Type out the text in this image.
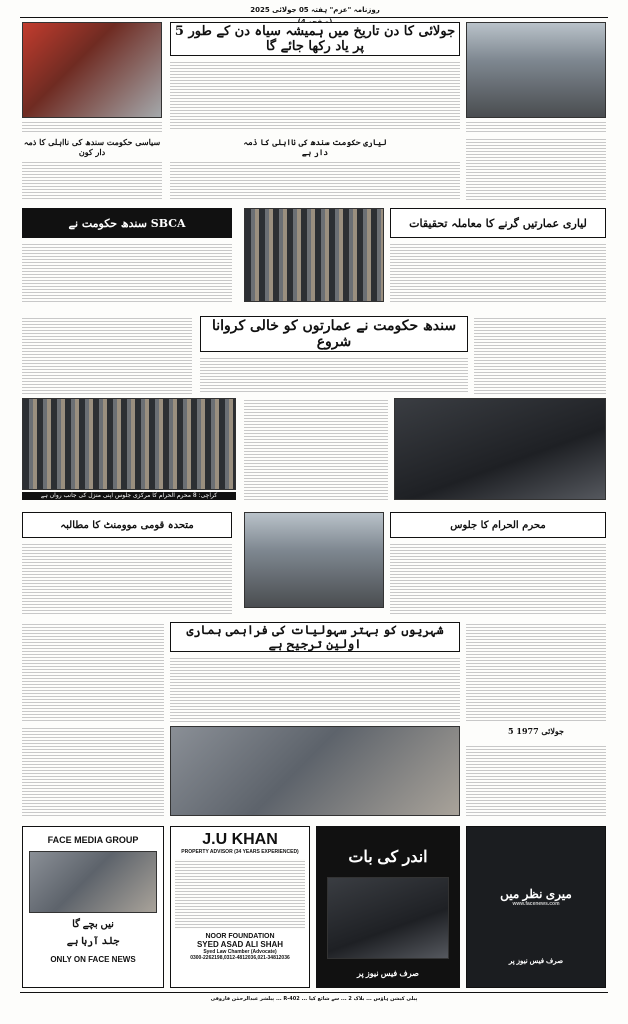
روزنامہ "عزم" ہفتہ 05 جولائی 2025
5 جولائی کا دن تاریخ میں ہمیشہ سیاہ دن کے طور پر یاد رکھا جائے گا
سیاسی حکومت سندھ کی نااہلی کا ذمہ دار کون
لیاری حکومت سندھ کی نااہلی کا ذمہ دار ہے
سندھ حکومت نے SBCA	لیاری عمارتیں گرنے کا معاملہ تحقیقات
سندھ حکومت نے عمارتوں کو خالی کروانا شروع
کراچی: 8 محرم الحرام کا مرکزی جلوس اپنی منزل کی جانب رواں ہے
متحدہ قومی موومنٹ کا مطالبہ	محرم الحرام کا جلوس
شہریوں کو بہتر سہولیات کی فراہمی ہماری اولین ترجیح ہے
5 جولائی 1977
FACE MEDIA GROUP
نیں بچے گا
جلد آرہا ہے
ONLY ON FACE NEWS
J.U KHAN
PROPERTY ADVISOR (34 YEARS EXPERIENCED)
NOOR FOUNDATION
SYED ASAD ALI SHAH
Syed Law Chamber (Advocate)
0300-2262198,0312-4812036,021-34812036
اندر کی بات
صرف فیس نیوز پر
میری نظر میں
www.facenews.com
صرف فیس نیوز پر
پبلشر عبدالرحمٰن فاروقی ... R-402 ... پبلی کیشن ہاؤس ... بلاک 2 ... سے شائع کیا
